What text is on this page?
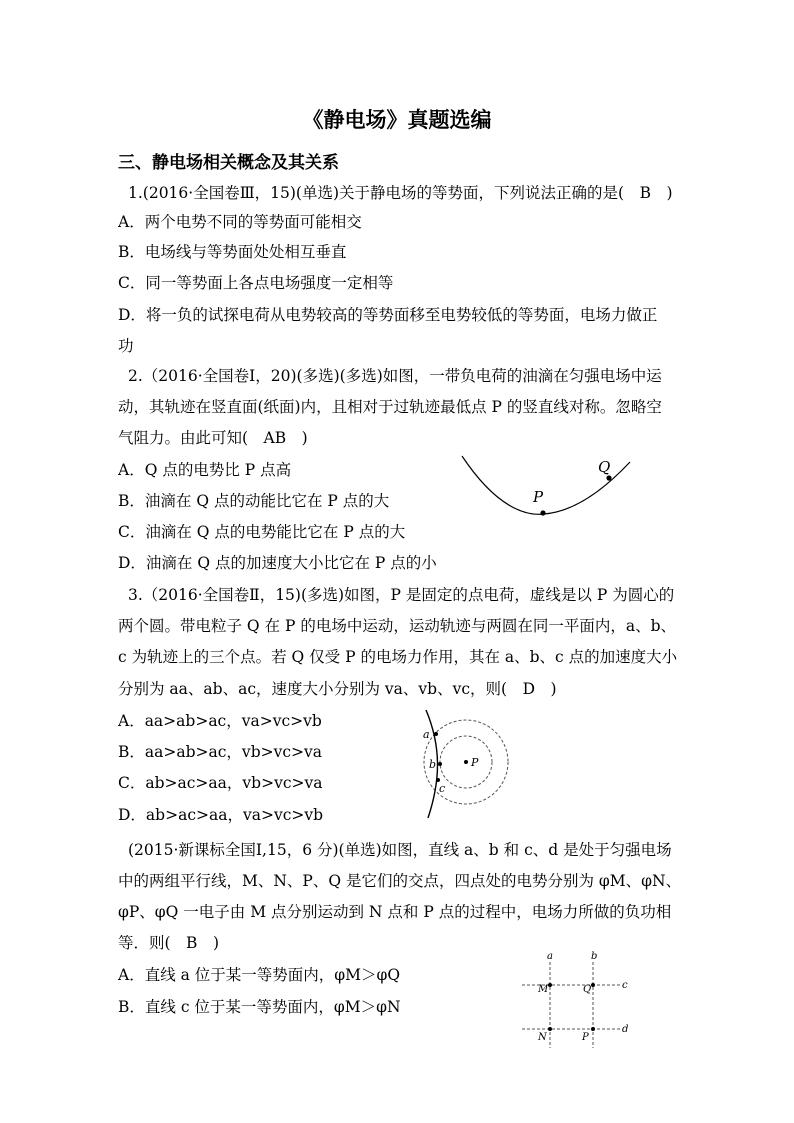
《静电场》真题选编
三、静电场相关概念及其关系
1.(2016·全国卷Ⅲ，15)(单选)关于静电场的等势面，下列说法正确的是(　B　)
A．两个电势不同的等势面可能相交
B．电场线与等势面处处相互垂直
C．同一等势面上各点电场强度一定相等
D．将一负的试探电荷从电势较高的等势面移至电势较低的等势面，电场力做正
功
2.（2016·全国卷Ⅰ，20)(多选)(多选)如图，一带负电荷的油滴在匀强电场中运
动，其轨迹在竖直面(纸面)内，且相对于过轨迹最低点 P 的竖直线对称。忽略空
气阻力。由此可知(　AB　)
A．Q 点的电势比 P 点高
B．油滴在 Q 点的动能比它在 P 点的大
C．油滴在 Q 点的电势能比它在 P 点的大
D．油滴在 Q 点的加速度大小比它在 P 点的小
P
Q
3.（2016·全国卷Ⅱ，15)(多选)如图，P 是固定的点电荷，虚线是以 P 为圆心的
两个圆。带电粒子 Q 在 P 的电场中运动，运动轨迹与两圆在同一平面内，a、b、
c 为轨迹上的三个点。若 Q 仅受 P 的电场力作用，其在 a、b、c 点的加速度大小
分别为 aa、ab、ac，速度大小分别为 va、vb、vc，则(　D　)
A．aa>ab>ac，va>vc>vb
B．aa>ab>ac，vb>vc>va
C．ab>ac>aa，vb>vc>va
D．ab>ac>aa，va>vc>vb
a
b
c
P
(2015·新课标全国Ⅰ,15，6 分)(单选)如图，直线 a、b 和 c、d 是处于匀强电场
中的两组平行线，M、N、P、Q 是它们的交点，四点处的电势分别为 φM、φN、
φP、φQ 一电子由 M 点分别运动到 N 点和 P 点的过程中，电场力所做的负功相
等．则(　B　)
A．直线 a 位于某一等势面内，φM＞φQ
B．直线 c 位于某一等势面内，φM＞φN
a	b
c
d
M	Q
N	P
